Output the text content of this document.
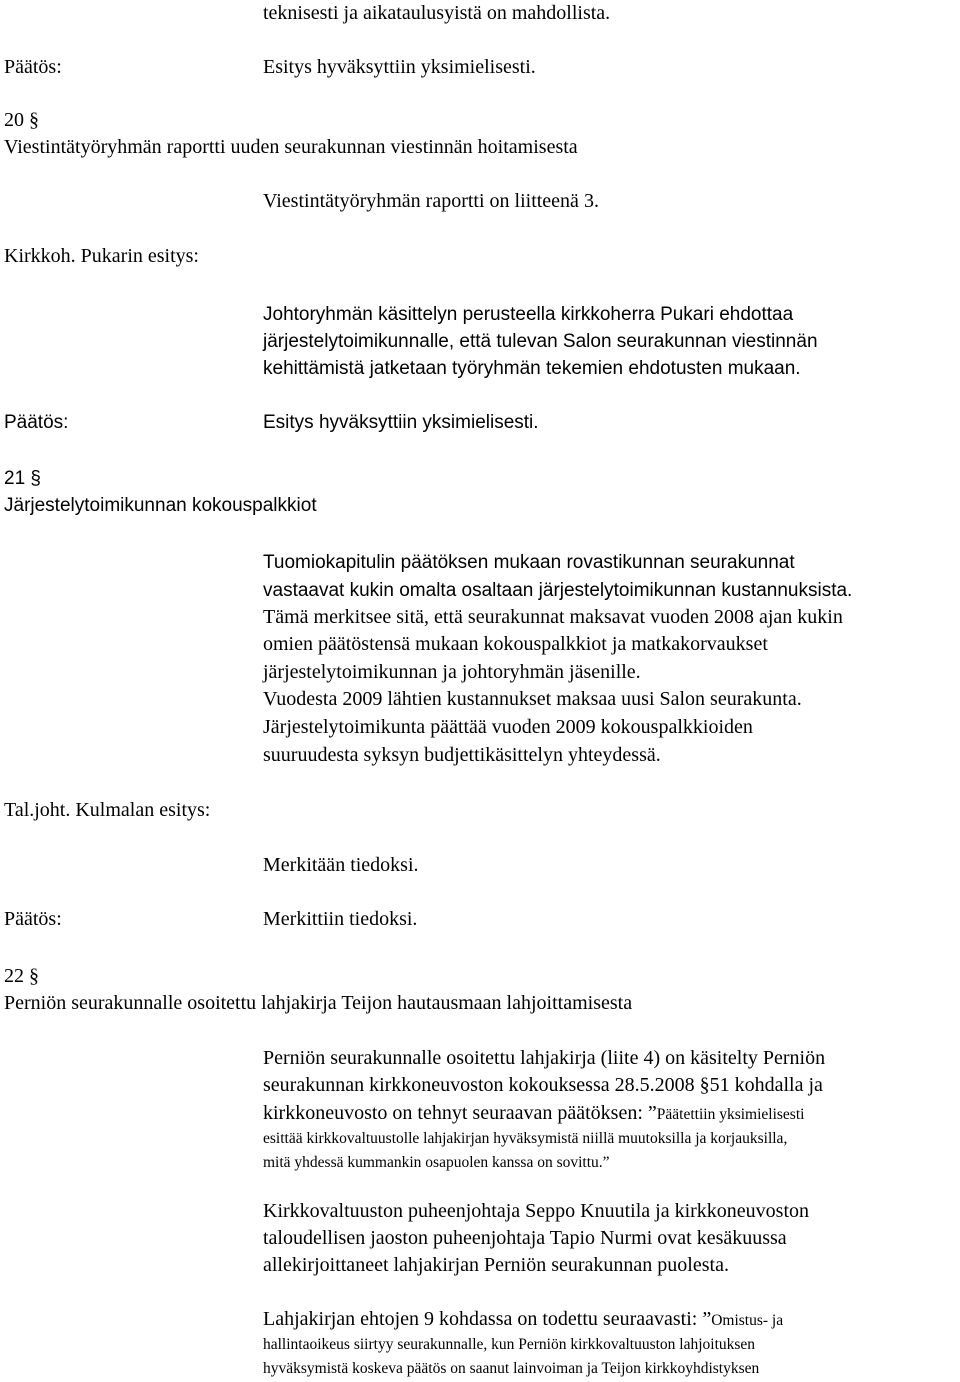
teknisesti ja aikataulusyistä on mahdollista.
Päätös:	Esitys hyväksyttiin yksimielisesti.
20 §
Viestintätyöryhmän raportti uuden seurakunnan viestinnän hoitamisesta
Viestintätyöryhmän raportti on liitteenä 3.
Kirkkoh. Pukarin esitys:
Johtoryhmän käsittelyn perusteella kirkkoherra Pukari ehdottaa
järjestelytoimikunnalle, että tulevan Salon seurakunnan viestinnän
kehittämistä jatketaan työryhmän tekemien ehdotusten mukaan.
Päätös:	Esitys hyväksyttiin yksimielisesti.
21 §
Järjestelytoimikunnan kokouspalkkiot
Tuomiokapitulin päätöksen mukaan rovastikunnan seurakunnat
vastaavat kukin omalta osaltaan järjestelytoimikunnan kustannuksista.
Tämä merkitsee sitä, että seurakunnat maksavat vuoden 2008 ajan kukin
omien päätöstensä mukaan kokouspalkkiot ja matkakorvaukset
järjestelytoimikunnan ja johtoryhmän jäsenille.
Vuodesta 2009 lähtien kustannukset maksaa uusi Salon seurakunta.
Järjestelytoimikunta päättää vuoden 2009 kokouspalkkioiden
suuruudesta syksyn budjettikäsittelyn yhteydessä.
Tal.joht. Kulmalan esitys:
Merkitään tiedoksi.
Päätös:	Merkittiin tiedoksi.
22 §
Perniön seurakunnalle osoitettu lahjakirja Teijon hautausmaan lahjoittamisesta
Perniön seurakunnalle osoitettu lahjakirja (liite 4) on käsitelty Perniön
seurakunnan kirkkoneuvoston kokouksessa 28.5.2008 §51 kohdalla ja
kirkkoneuvosto on tehnyt seuraavan päätöksen: ”Päätettiin yksimielisesti
esittää kirkkovaltuustolle lahjakirjan hyväksymistä niillä muutoksilla ja korjauksilla,
mitä yhdessä kummankin osapuolen kanssa on sovittu.”
Kirkkovaltuuston puheenjohtaja Seppo Knuutila ja kirkkoneuvoston
taloudellisen jaoston puheenjohtaja Tapio Nurmi ovat kesäkuussa
allekirjoittaneet lahjakirjan Perniön seurakunnan puolesta.
Lahjakirjan ehtojen 9 kohdassa on todettu seuraavasti: ”Omistus- ja
hallintaoikeus siirtyy seurakunnalle, kun Perniön kirkkovaltuuston lahjoituksen
hyväksymistä koskeva päätös on saanut lainvoiman ja Teijon kirkkoyhdistyksen
